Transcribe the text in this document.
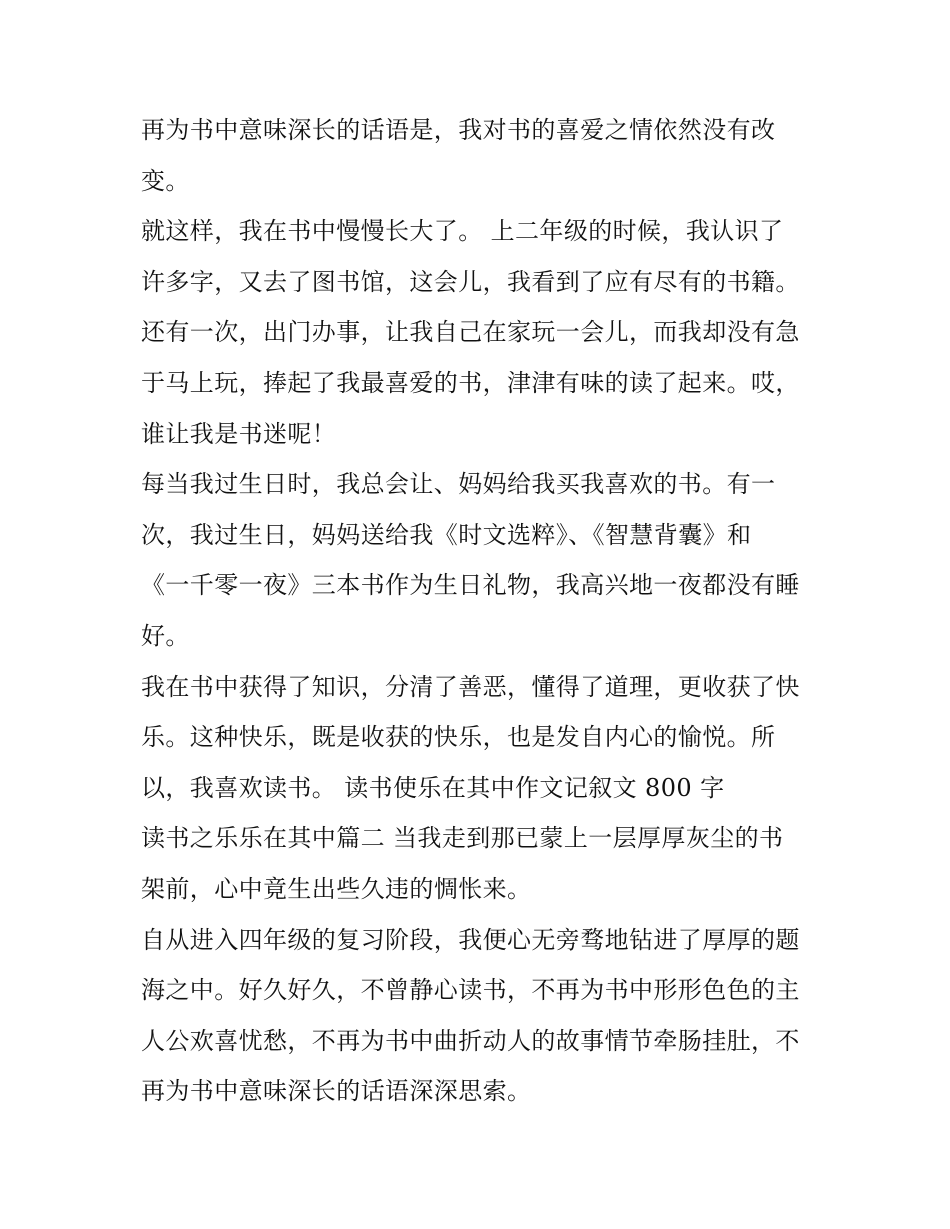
再为书中意味深长的话语是，我对书的喜爱之情依然没有改
变。
就这样，我在书中慢慢长大了。 上二年级的时候，我认识了
许多字，又去了图书馆，这会儿，我看到了应有尽有的书籍。
还有一次，出门办事，让我自己在家玩一会儿，而我却没有急
于马上玩，捧起了我最喜爱的书，津津有味的读了起来。哎，
谁让我是书迷呢！
每当我过生日时，我总会让、妈妈给我买我喜欢的书。有一
次，我过生日，妈妈送给我《时文选粹》、《智慧背囊》和
《一千零一夜》三本书作为生日礼物，我高兴地一夜都没有睡
好。
我在书中获得了知识，分清了善恶，懂得了道理，更收获了快
乐。这种快乐，既是收获的快乐，也是发自内心的愉悦。所
以，我喜欢读书。 读书使乐在其中作文记叙文 800 字
读书之乐乐在其中篇二 当我走到那已蒙上一层厚厚灰尘的书
架前，心中竟生出些久违的惆怅来。
自从进入四年级的复习阶段，我便心无旁骛地钻进了厚厚的题
海之中。好久好久，不曾静心读书，不再为书中形形色色的主
人公欢喜忧愁，不再为书中曲折动人的故事情节牵肠挂肚，不
再为书中意味深长的话语深深思索。
